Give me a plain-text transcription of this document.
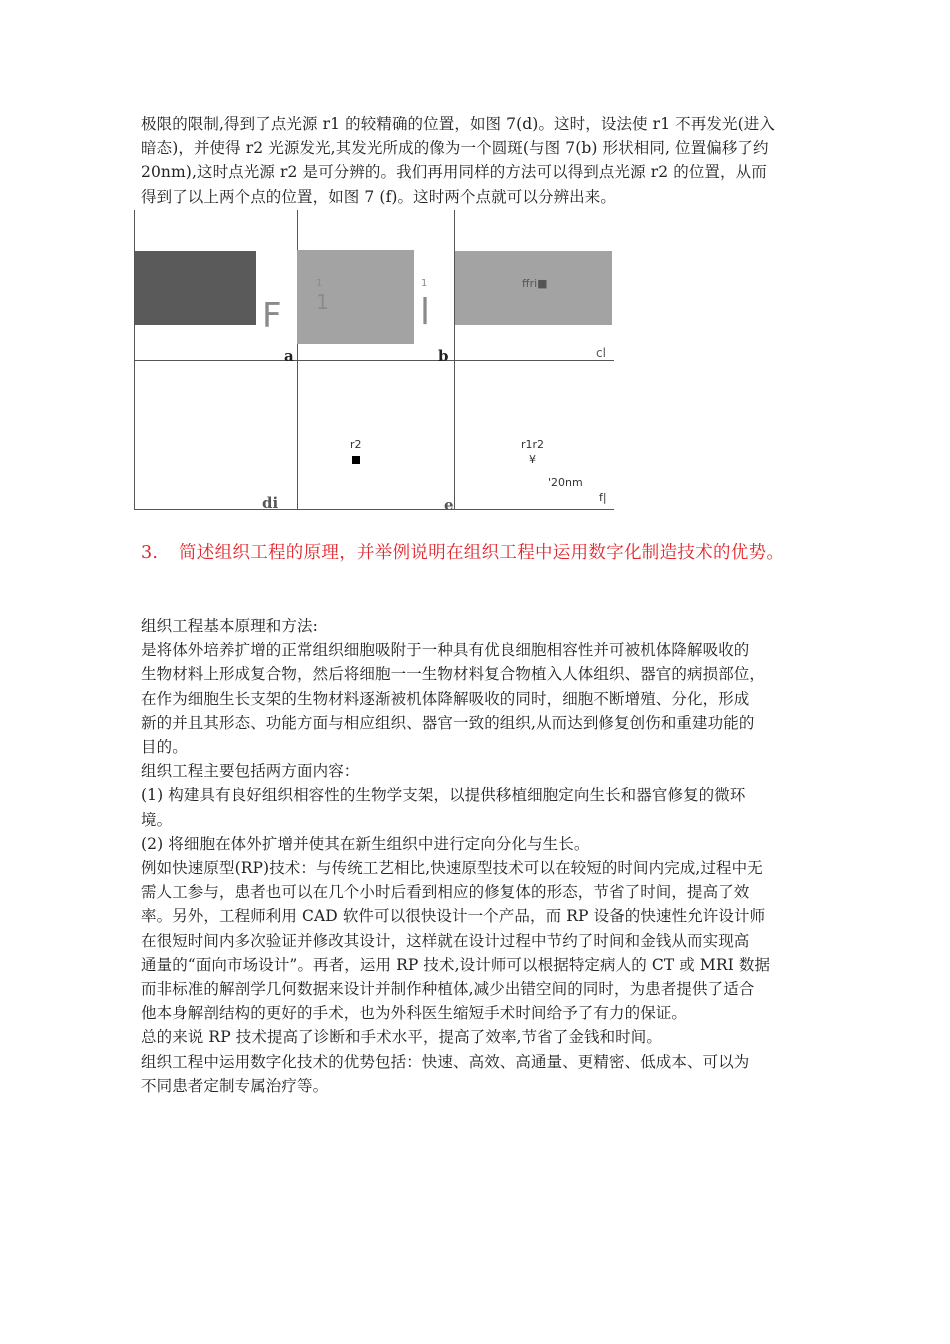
极限的限制,得到了点光源 r1 的较精确的位置，如图 7(d)。这时，设法使 r1 不再发光(进入
暗态)，并使得 r2 光源发光,其发光所成的像为一个圆斑(与图 7(b) 形状相同, 位置偏移了约
20nm),这时点光源 r2 是可分辨的。我们再用同样的方法可以得到点光源 r2 的位置，从而
得到了以上两个点的位置，如图 7 (f)。这时两个点就可以分辨出来。
F
a
1
1
1
l
b
ffri■
cl
di
r2
e
r1r2
¥
'20nm
f|
3. 简述组织工程的原理，并举例说明在组织工程中运用数字化制造技术的优势。
组织工程基本原理和方法:
是将体外培养扩增的正常组织细胞吸附于一种具有优良细胞相容性并可被机体降解吸收的
生物材料上形成复合物，然后将细胞一一生物材料复合物植入人体组织、器官的病损部位，
在作为细胞生长支架的生物材料逐渐被机体降解吸收的同时，细胞不断增殖、分化，形成
新的并且其形态、功能方面与相应组织、器官一致的组织,从而达到修复创伤和重建功能的
目的。
组织工程主要包括两方面内容：
(1) 构建具有良好组织相容性的生物学支架，以提供移植细胞定向生长和器官修复的微环
境。
(2) 将细胞在体外扩增并使其在新生组织中进行定向分化与生长。
例如快速原型(RP)技术：与传统工艺相比,快速原型技术可以在较短的时间内完成,过程中无
需人工参与，患者也可以在几个小时后看到相应的修复体的形态，节省了时间，提高了效
率。另外，工程师利用 CAD 软件可以很快设计一个产品，而 RP 设备的快速性允许设计师
在很短时间内多次验证并修改其设计，这样就在设计过程中节约了时间和金钱从而实现高
通量的“面向市场设计”。再者，运用 RP 技术,设计师可以根据特定病人的 CT 或 MRI 数据
而非标准的解剖学几何数据来设计并制作种植体,减少出错空间的同时，为患者提供了适合
他本身解剖结构的更好的手术，也为外科医生缩短手术时间给予了有力的保证。
总的来说 RP 技术提高了诊断和手术水平，提高了效率,节省了金钱和时间。
组织工程中运用数字化技术的优势包括：快速、高效、高通量、更精密、低成本、可以为
不同患者定制专属治疗等。
